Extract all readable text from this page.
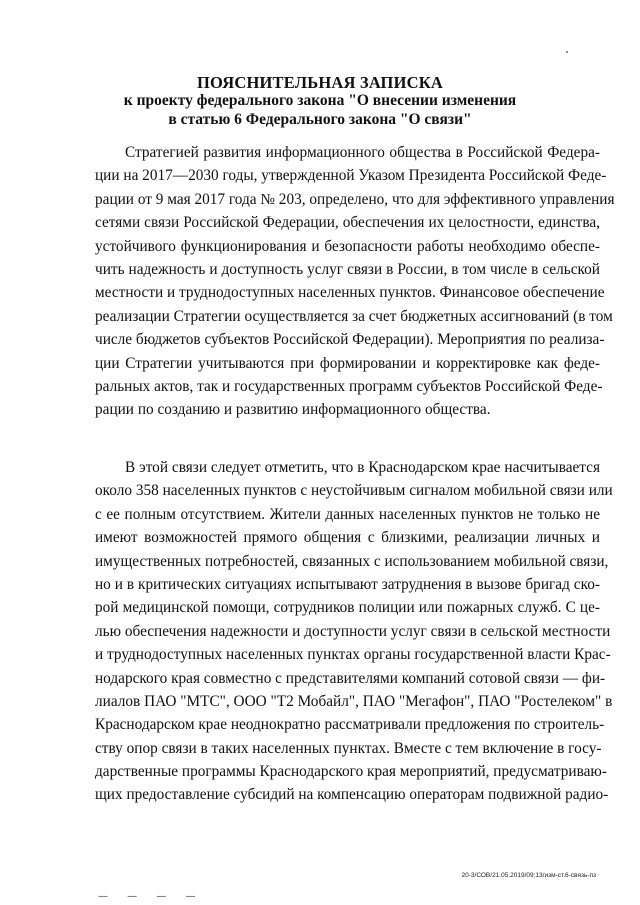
ПОЯСНИТЕЛЬНАЯ ЗАПИСКА
к проекту федерального закона "О внесении изменения
в статью 6 Федерального закона "О связи"
Стратегией развития информационного общества в Российской Федера-
ции на 2017—2030 годы, утвержденной Указом Президента Российской Феде-
рации от 9 мая 2017 года № 203, определено, что для эффективного управления
сетями связи Российской Федерации, обеспечения их целостности, единства,
устойчивого функционирования и безопасности работы необходимо обеспе-
чить надежность и доступность услуг связи в России, в том числе в сельской
местности и труднодоступных населенных пунктов. Финансовое обеспечение
реализации Стратегии осуществляется за счет бюджетных ассигнований (в том
числе бюджетов субъектов Российской Федерации). Мероприятия по реализа-
ции Стратегии учитываются при формировании и корректировке как феде-
ральных актов, так и государственных программ субъектов Российской Феде-
рации по созданию и развитию информационного общества.
В этой связи следует отметить, что в Краснодарском крае насчитывается
около 358 населенных пунктов с неустойчивым сигналом мобильной связи или
с ее полным отсутствием. Жители данных населенных пунктов не только не
имеют возможностей прямого общения с близкими, реализации личных и
имущественных потребностей, связанных с использованием мобильной связи,
но и в критических ситуациях испытывают затруднения в вызове бригад ско-
рой медицинской помощи, сотрудников полиции или пожарных служб. С це-
лью обеспечения надежности и доступности услуг связи в сельской местности
и труднодоступных населенных пунктах органы государственной власти Крас-
нодарского края совместно с представителями компаний сотовой связи — фи-
лиалов ПАО "МТС", ООО "Т2 Мобайл", ПАО "Мегафон", ПАО "Ростелеком" в
Краснодарском крае неоднократно рассматривали предложения по строитель-
ству опор связи в таких населенных пунктах. Вместе с тем включение в госу-
дарственные программы Краснодарского края мероприятий, предусматриваю-
щих предоставление субсидий на компенсацию операторам подвижной радио-
20-3/СОВ/21.05.2019/09:13/изм-ст.6-связь-пз
— — — —
